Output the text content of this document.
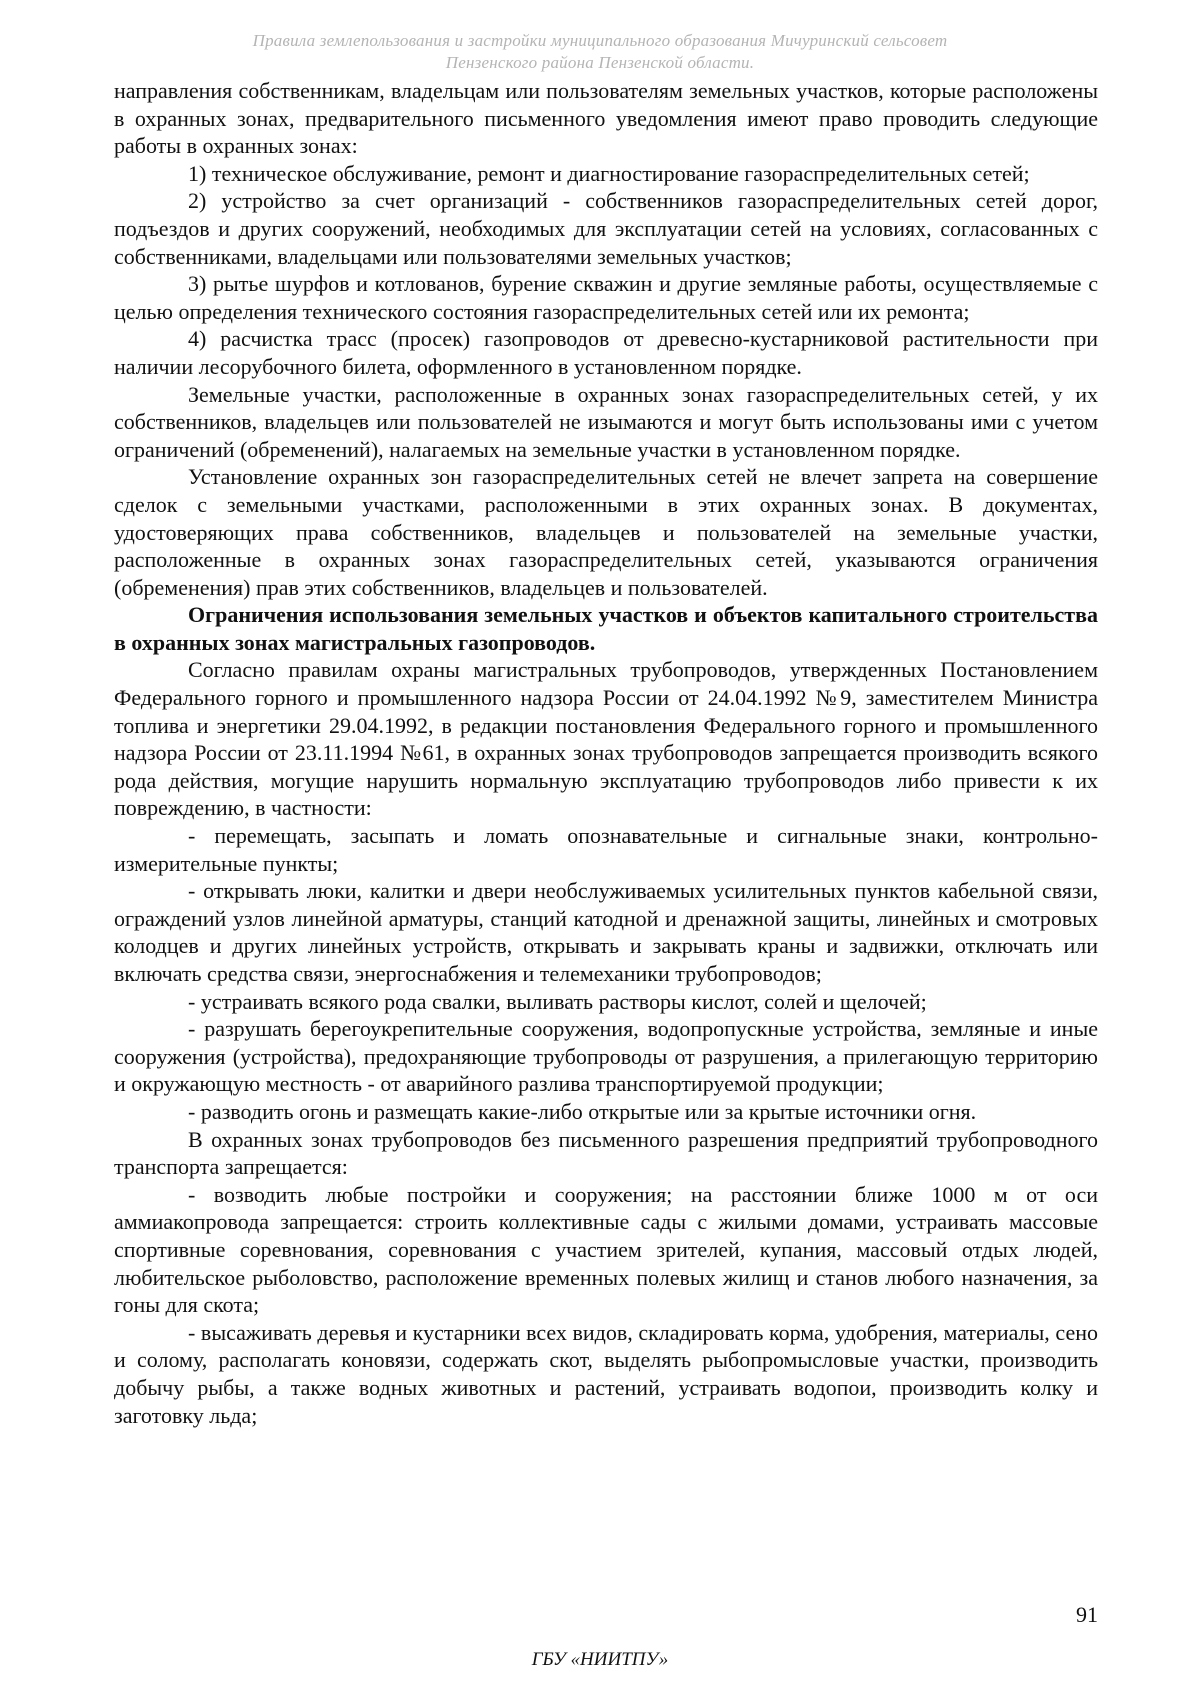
Правила землепользования и застройки муниципального образования Мичуринский сельсовет
Пензенского района Пензенской области.

направления собственникам, владельцам или пользователям земельных участков, которые расположены в охранных зонах, предварительного письменного уведомления имеют право проводить следующие работы в охранных зонах:

1) техническое обслуживание, ремонт и диагностирование газораспределительных сетей;

2) устройство за счет организаций - собственников газораспределительных сетей дорог, подъездов и других сооружений, необходимых для эксплуатации сетей на условиях, согласованных с собственниками, владельцами или пользователями земельных участков;

3) рытье шурфов и котлованов, бурение скважин и другие земляные работы, осуществляемые с целью определения технического состояния газораспределительных сетей или их ремонта;

4) расчистка трасс (просек) газопроводов от древесно-кустарниковой растительности при наличии лесорубочного билета, оформленного в установленном порядке.

Земельные участки, расположенные в охранных зонах газораспределительных сетей, у их собственников, владельцев или пользователей не изымаются и могут быть использованы ими с учетом ограничений (обременений), налагаемых на земельные участки в установленном порядке.

Установление охранных зон газораспределительных сетей не влечет запрета на совершение сделок с земельными участками, расположенными в этих охранных зонах. В документах, удостоверяющих права собственников, владельцев и пользователей на земельные участки, расположенные в охранных зонах газораспределительных сетей, указываются ограничения (обременения) прав этих собственников, владельцев и пользователей.

Ограничения использования земельных участков и объектов капитального строительства в охранных зонах магистральных газопроводов.

Согласно правилам охраны магистральных трубопроводов, утвержденных Постановлением Федерального горного и промышленного надзора России от 24.04.1992 №9, заместителем Министра топлива и энергетики 29.04.1992, в редакции постановления Федерального горного и промышленного надзора России от 23.11.1994 №61, в охранных зонах трубопроводов запрещается производить всякого рода действия, могущие нарушить нормальную эксплуатацию трубопроводов либо привести к их повреждению, в частности:

- перемещать, засыпать и ломать опознавательные и сигнальные знаки, контрольно-измерительные пункты;

- открывать люки, калитки и двери необслуживаемых усилительных пунктов кабельной связи, ограждений узлов линейной арматуры, станций катодной и дренажной защиты, линейных и смотровых колодцев и других линейных устройств, открывать и закрывать краны и задвижки, отключать или включать средства связи, энергоснабжения и телемеханики трубопроводов;

- устраивать всякого рода свалки, выливать растворы кислот, солей и щелочей;

- разрушать берегоукрепительные сооружения, водопропускные устройства, земляные и иные сооружения (устройства), предохраняющие трубопроводы от разрушения, а прилегающую территорию и окружающую местность - от аварийного разлива транспортируемой продукции;

- разводить огонь и размещать какие-либо открытые или за крытые источники огня.

В охранных зонах трубопроводов без письменного разрешения предприятий трубопроводного транспорта запрещается:

- возводить любые постройки и сооружения; на расстоянии ближе 1000 м от оси аммиакопровода запрещается: строить коллективные сады с жилыми домами, устраивать массовые спортивные соревнования, соревнования с участием зрителей, купания, массовый отдых людей, любительское рыболовство, расположение временных полевых жилищ и станов любого назначения, за гоны для скота;

- высаживать деревья и кустарники всех видов, складировать корма, удобрения, материалы, сено и солому, располагать коновязи, содержать скот, выделять рыбопромысловые участки, производить добычу рыбы, а также водных животных и растений, устраивать водопои, производить колку и заготовку льда;

91
ГБУ «НИИТПУ»
